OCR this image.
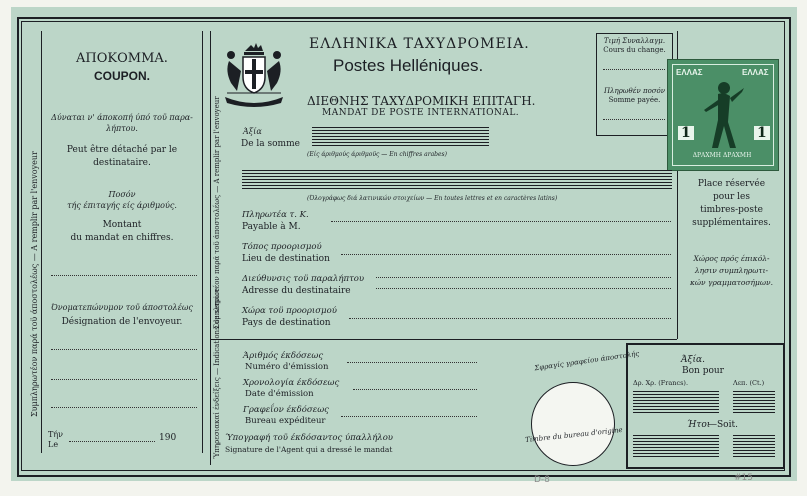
Συμπληρωτέον παρά τοϋ άποστολέως — A remplir par l'envoyeur
ΑΠΟΚΟΜΜΑ.
COUPON.
Δύναται ν' άποκοπή ύπό τοϋ παρα-
λήπτου.
Peut être détaché par le
destinataire.
Ποσόν
τής έπιταγής είς άριθμούς.
Montant
du mandat en chiffres.
Όνοματεπώνυμον τοϋ άποστολέως
Désignation de l'envoyeur.
Τήν
Le
190
ΕΛΛΗΝΙΚΑ ΤΑΧΥΔΡΟΜΕΙΑ.
Postes Helléniques.
ΔΙΕΘΝΗΣ ΤΑΧΥΔΡΟΜΙΚΗ ΕΠΙΤΑΓΗ.
MANDAT DE POSTE INTERNATIONAL.
Τιμή Συναλλαγμ.
Cours du change.
Πληρωθέν ποσόν
Somme payée.
ΕΛΛΑΣ	ΕΛΛΑΣ
1	1
ΔΡΑΧΜΗ ΔΡΑΧΜΗ
Place réservée
pour les
timbres-poste
supplémentaires.
Χώρος πρός έπικόλ-
λησιν συμπληρωτι-
κών γραμματοσήμων.
Συμπληρωτέον παρά τοϋ άποστολέως — A remplir par l'envoyeur	Άξία
De la somme
(Είς άριθμούς άριθμοϋς — En chiffres arabes)
(Όλογράφως διά λατινικών στοιχείων — En toutes lettres et en caractères latins)
Πληρωτέα τ. Κ.
Payable à M.
Τόπος προορισμού
Lieu de destination
Διεύθυνσις τοϋ παραλήπτου
Adresse du destinataire
Χώρα τοϋ προορισμού
Pays de destination
Ύπηρεσιακαί ένδείξεις — Indications de service	Άριθμός έκδόσεως
Numéro d'émission
Χρονολογία έκδόσεως
Date d'émission
Γραφεΐον έκδόσεως
Bureau expéditeur
Ύπογραφή τοϋ έκδόσαντος ύπαλλήλου
Signature de l'Agent qui a dressé le mandat
Σφραγίς γραφείου άποστολής
Timbre du bureau d'origine
Άξία.
Bon pour
Δρ. Χρ. (Francs).	Λεπ. (Ct.)
Ήτοι
—Soit.
D-8	#15
